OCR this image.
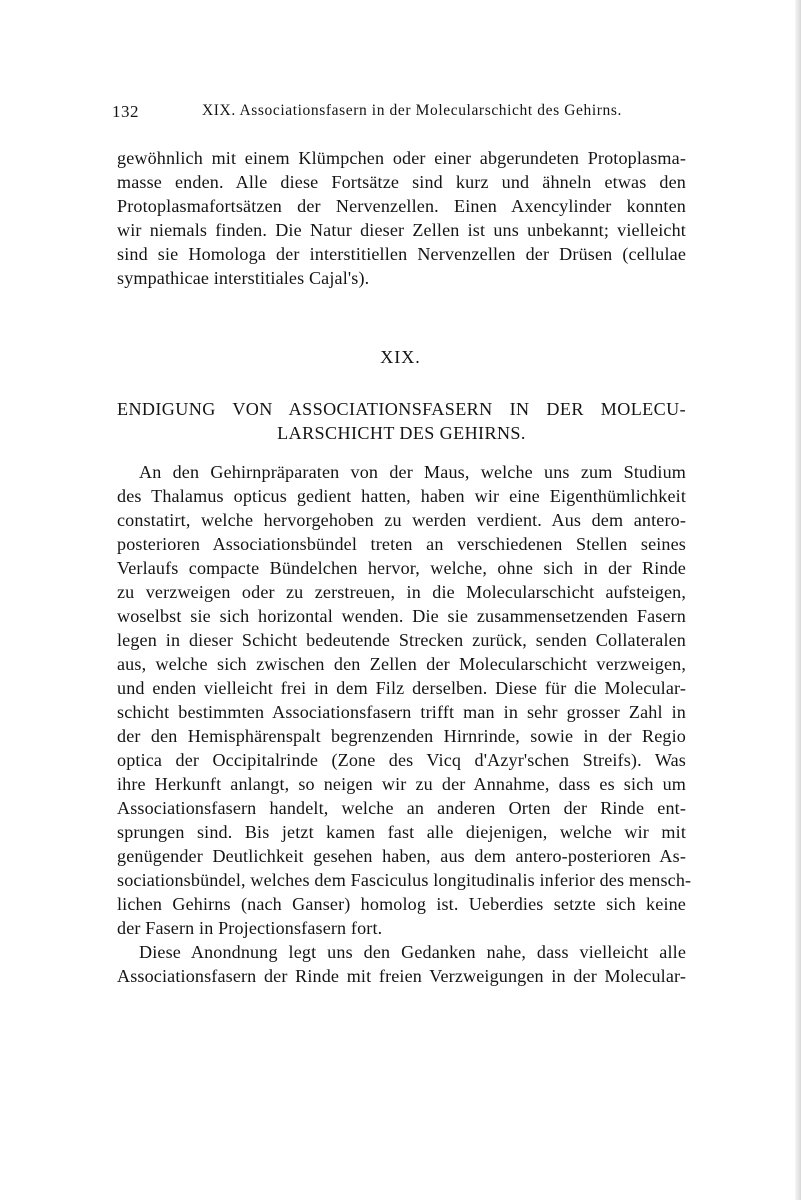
132	XIX. Associationsfasern in der Molecularschicht des Gehirns.
gewöhnlich mit einem Klümpchen oder einer abgerundeten Protoplasma-
masse enden. Alle diese Fortsätze sind kurz und ähneln etwas den
Protoplasmafortsätzen der Nervenzellen. Einen Axencylinder konnten
wir niemals finden. Die Natur dieser Zellen ist uns unbekannt; vielleicht
sind sie Homologa der interstitiellen Nervenzellen der Drüsen (cellulae
sympathicae interstitiales Cajal's).
XIX.
ENDIGUNG VON ASSOCIATIONSFASERN IN DER MOLECU-
LARSCHICHT DES GEHIRNS.
An den Gehirnpräparaten von der Maus, welche uns zum Studium
des Thalamus opticus gedient hatten, haben wir eine Eigenthümlichkeit
constatirt, welche hervorgehoben zu werden verdient. Aus dem antero-
posterioren Associationsbündel treten an verschiedenen Stellen seines
Verlaufs compacte Bündelchen hervor, welche, ohne sich in der Rinde
zu verzweigen oder zu zerstreuen, in die Molecularschicht aufsteigen,
woselbst sie sich horizontal wenden. Die sie zusammensetzenden Fasern
legen in dieser Schicht bedeutende Strecken zurück, senden Collateralen
aus, welche sich zwischen den Zellen der Molecularschicht verzweigen,
und enden vielleicht frei in dem Filz derselben. Diese für die Molecular-
schicht bestimmten Associationsfasern trifft man in sehr grosser Zahl in
der den Hemisphärenspalt begrenzenden Hirnrinde, sowie in der Regio
optica der Occipitalrinde (Zone des Vicq d'Azyr'schen Streifs). Was
ihre Herkunft anlangt, so neigen wir zu der Annahme, dass es sich um
Associationsfasern handelt, welche an anderen Orten der Rinde ent-
sprungen sind. Bis jetzt kamen fast alle diejenigen, welche wir mit
genügender Deutlichkeit gesehen haben, aus dem antero-posterioren As-
sociationsbündel, welches dem Fasciculus longitudinalis inferior des mensch-
lichen Gehirns (nach Ganser) homolog ist. Ueberdies setzte sich keine
der Fasern in Projectionsfasern fort.
Diese Anondnung legt uns den Gedanken nahe, dass vielleicht alle
Associationsfasern der Rinde mit freien Verzweigungen in der Molecular-
